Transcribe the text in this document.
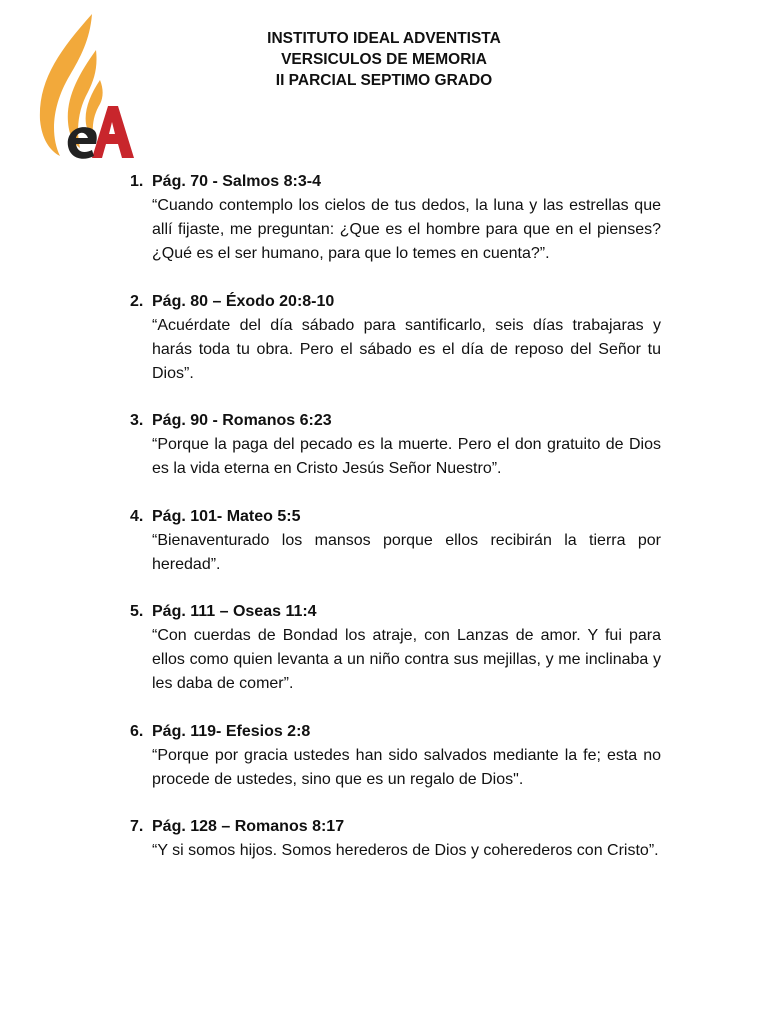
INSTITUTO IDEAL ADVENTISTA
VERSICULOS DE MEMORIA
II PARCIAL SEPTIMO GRADO
1. Pág. 70 - Salmos 8:3-4
“Cuando contemplo los cielos de tus dedos, la luna y las estrellas que allí fijaste, me preguntan: ¿Que es el hombre para que en el pienses? ¿Qué es el ser humano, para que lo temes en cuenta?”.
2. Pág. 80 – Éxodo 20:8-10
“Acuérdate del día sábado para santificarlo, seis días trabajaras y harás toda tu obra. Pero el sábado es el día de reposo del Señor tu Dios”.
3. Pág. 90 - Romanos 6:23
“Porque la paga del pecado es la muerte. Pero el don gratuito de Dios es la vida eterna en Cristo Jesús Señor Nuestro”.
4. Pág. 101- Mateo 5:5
“Bienaventurado los mansos porque ellos recibirán la tierra por heredad”.
5. Pág. 111 – Oseas 11:4
“Con cuerdas de Bondad los atraje, con Lanzas de amor. Y fui para ellos como quien levanta a un niño contra sus mejillas, y me inclinaba y les daba de comer”.
6. Pág. 119- Efesios 2:8
“Porque por gracia ustedes han sido salvados mediante la fe; esta no procede de ustedes, sino que es un regalo de Dios".
7. Pág. 128 – Romanos 8:17
“Y si somos hijos. Somos herederos de Dios y coherederos con Cristo”.
